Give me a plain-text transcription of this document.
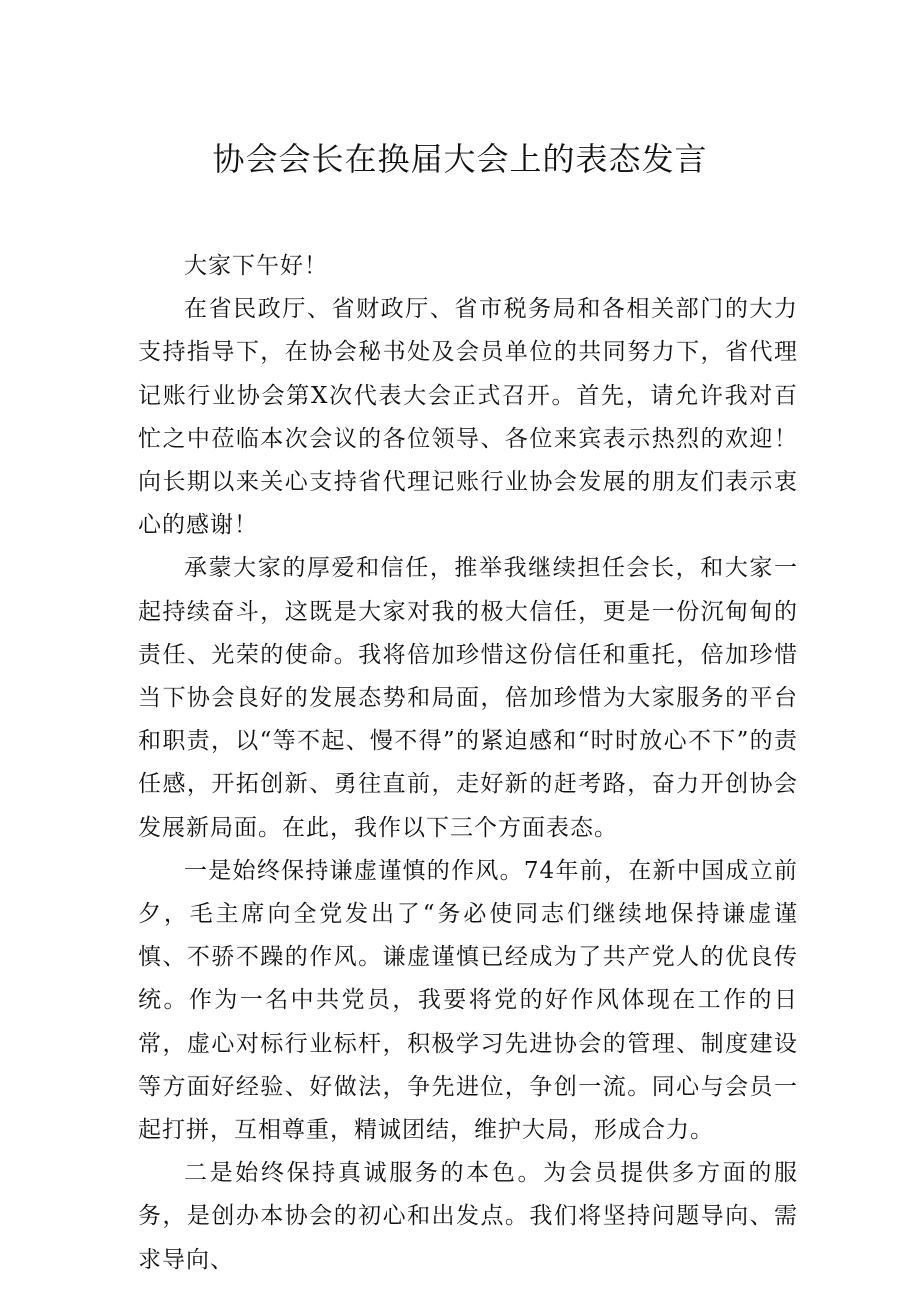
协会会长在换届大会上的表态发言

大家下午好！

在省民政厅、省财政厅、省市税务局和各相关部门的大力支持指导下，在协会秘书处及会员单位的共同努力下，省代理记账行业协会第X次代表大会正式召开。首先，请允许我对百忙之中莅临本次会议的各位领导、各位来宾表示热烈的欢迎！向长期以来关心支持省代理记账行业协会发展的朋友们表示衷心的感谢！

承蒙大家的厚爱和信任，推举我继续担任会长，和大家一起持续奋斗，这既是大家对我的极大信任，更是一份沉甸甸的责任、光荣的使命。我将倍加珍惜这份信任和重托，倍加珍惜当下协会良好的发展态势和局面，倍加珍惜为大家服务的平台和职责，以“等不起、慢不得”的紧迫感和“时时放心不下”的责任感，开拓创新、勇往直前，走好新的赶考路，奋力开创协会发展新局面。在此，我作以下三个方面表态。

一是始终保持谦虚谨慎的作风。74年前，在新中国成立前夕，毛主席向全党发出了“务必使同志们继续地保持谦虚谨慎、不骄不躁的作风。谦虚谨慎已经成为了共产党人的优良传统。作为一名中共党员，我要将党的好作风体现在工作的日常，虚心对标行业标杆，积极学习先进协会的管理、制度建设等方面好经验、好做法，争先进位，争创一流。同心与会员一起打拼，互相尊重，精诚团结，维护大局，形成合力。

二是始终保持真诚服务的本色。为会员提供多方面的服务，是创办本协会的初心和出发点。我们将坚持问题导向、需求导向、
